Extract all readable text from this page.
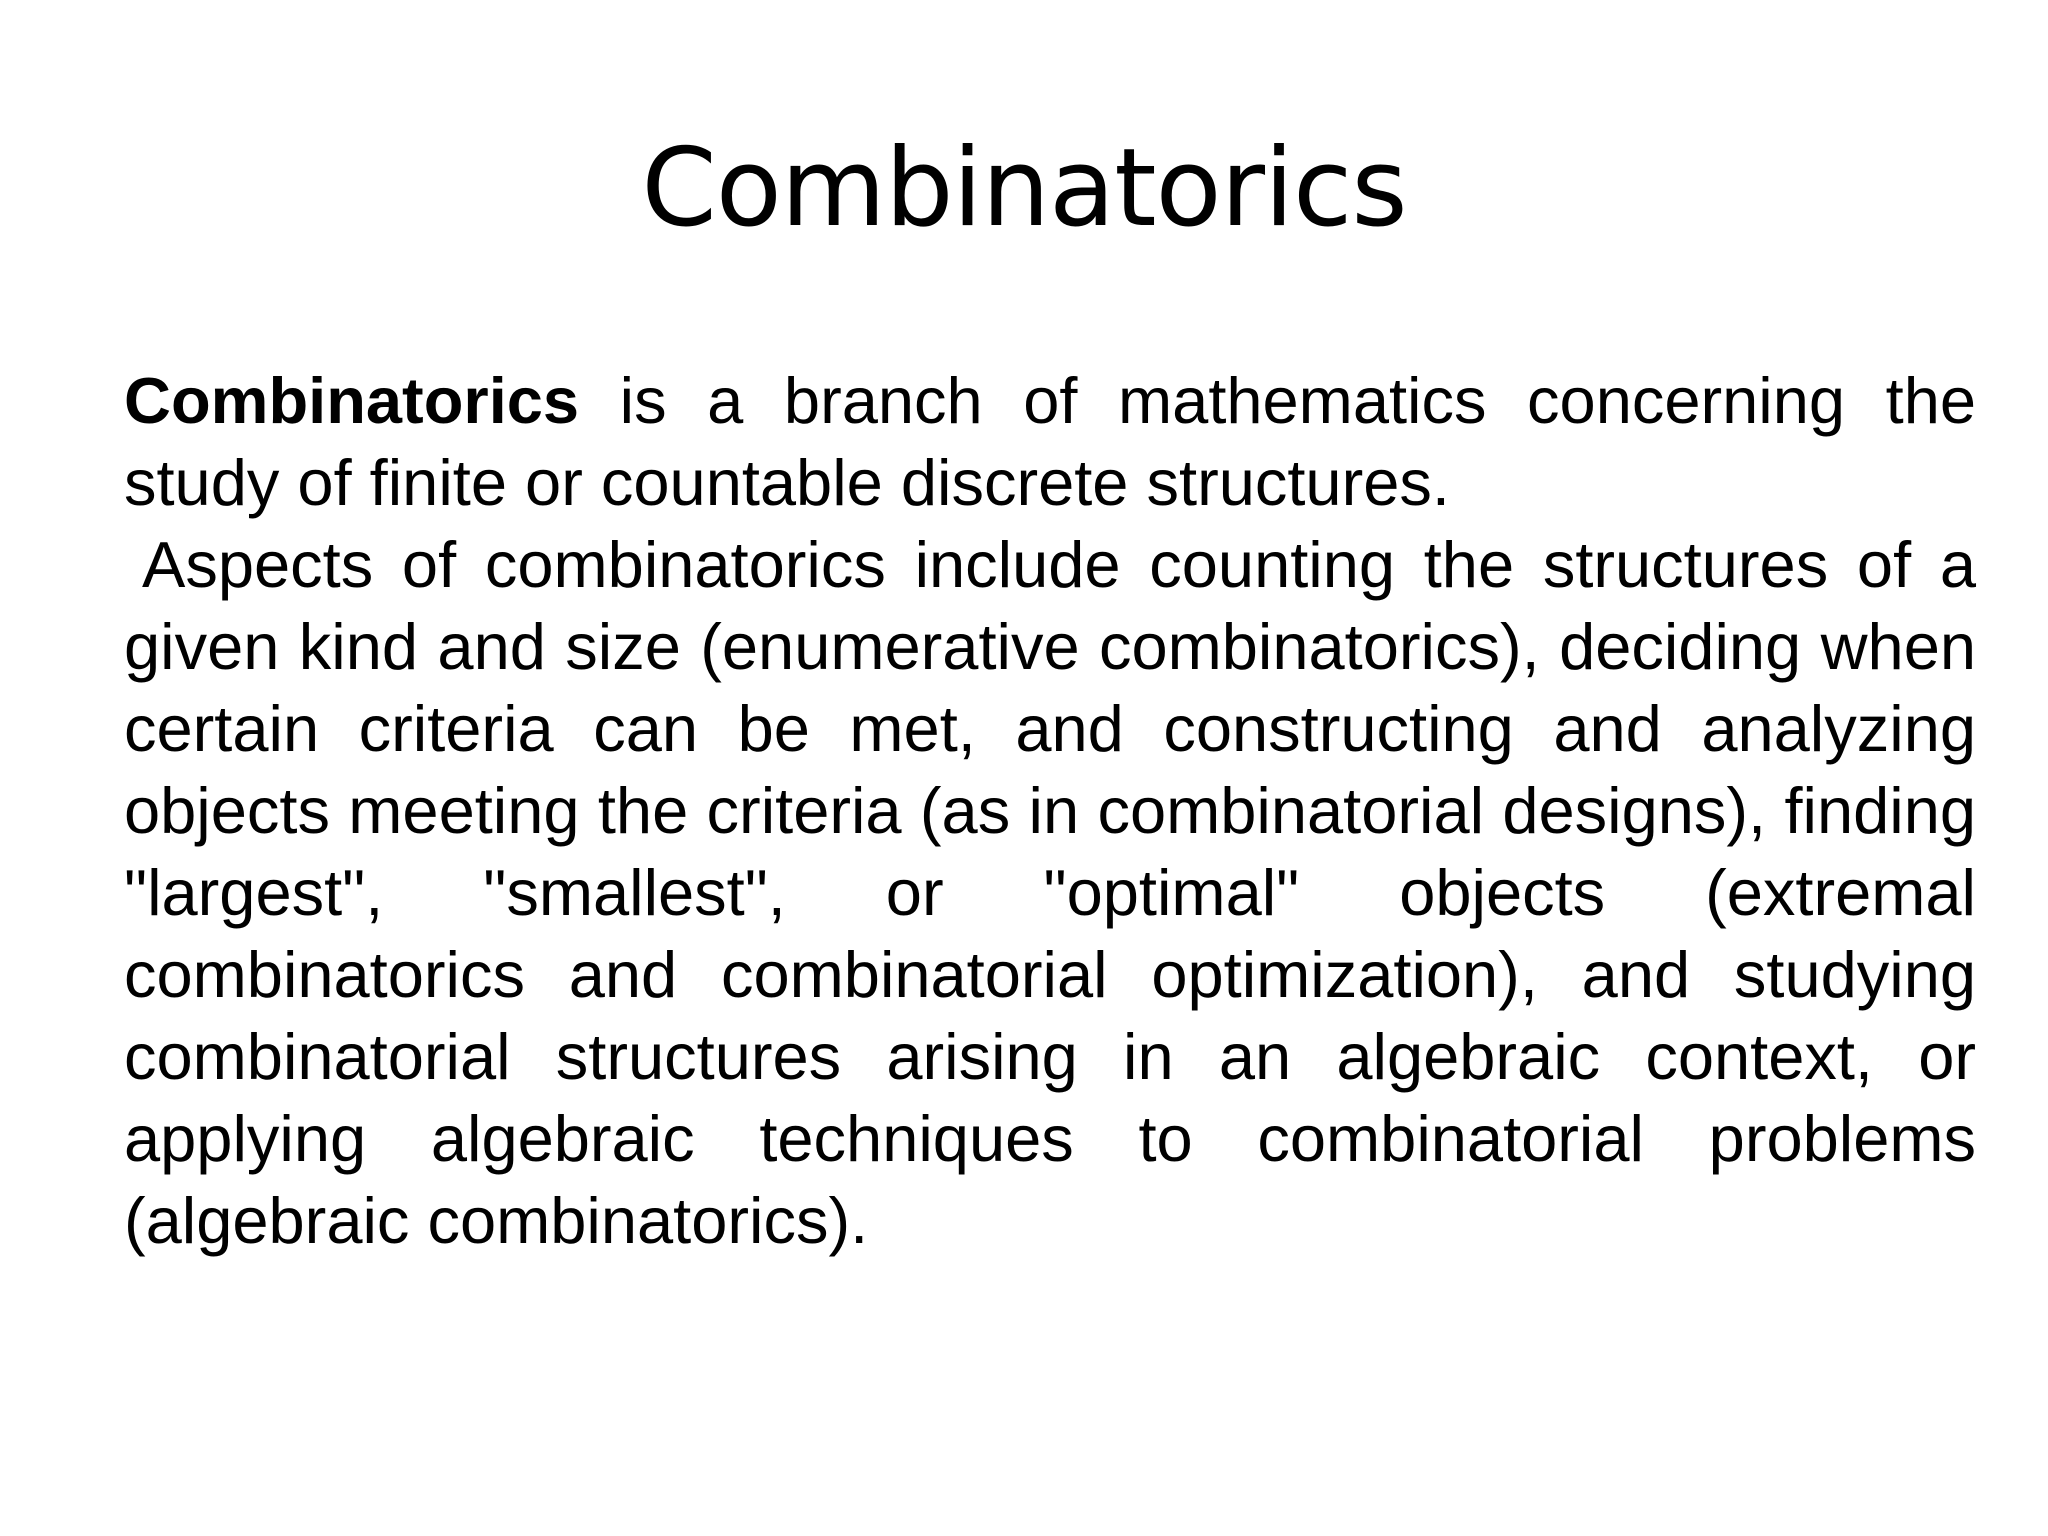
Combinatorics

Combinatorics is a branch of mathematics concerning the study of finite or countable discrete structures.

Aspects of combinatorics include counting the structures of a given kind and size (enumerative combinatorics), deciding when certain criteria can be met, and constructing and analyzing objects meeting the criteria (as in combinatorial designs), finding "largest", "smallest", or "optimal" objects (extremal combinatorics and combinatorial optimization), and studying combinatorial structures arising in an algebraic context, or applying algebraic techniques to combinatorial problems (algebraic combinatorics).
